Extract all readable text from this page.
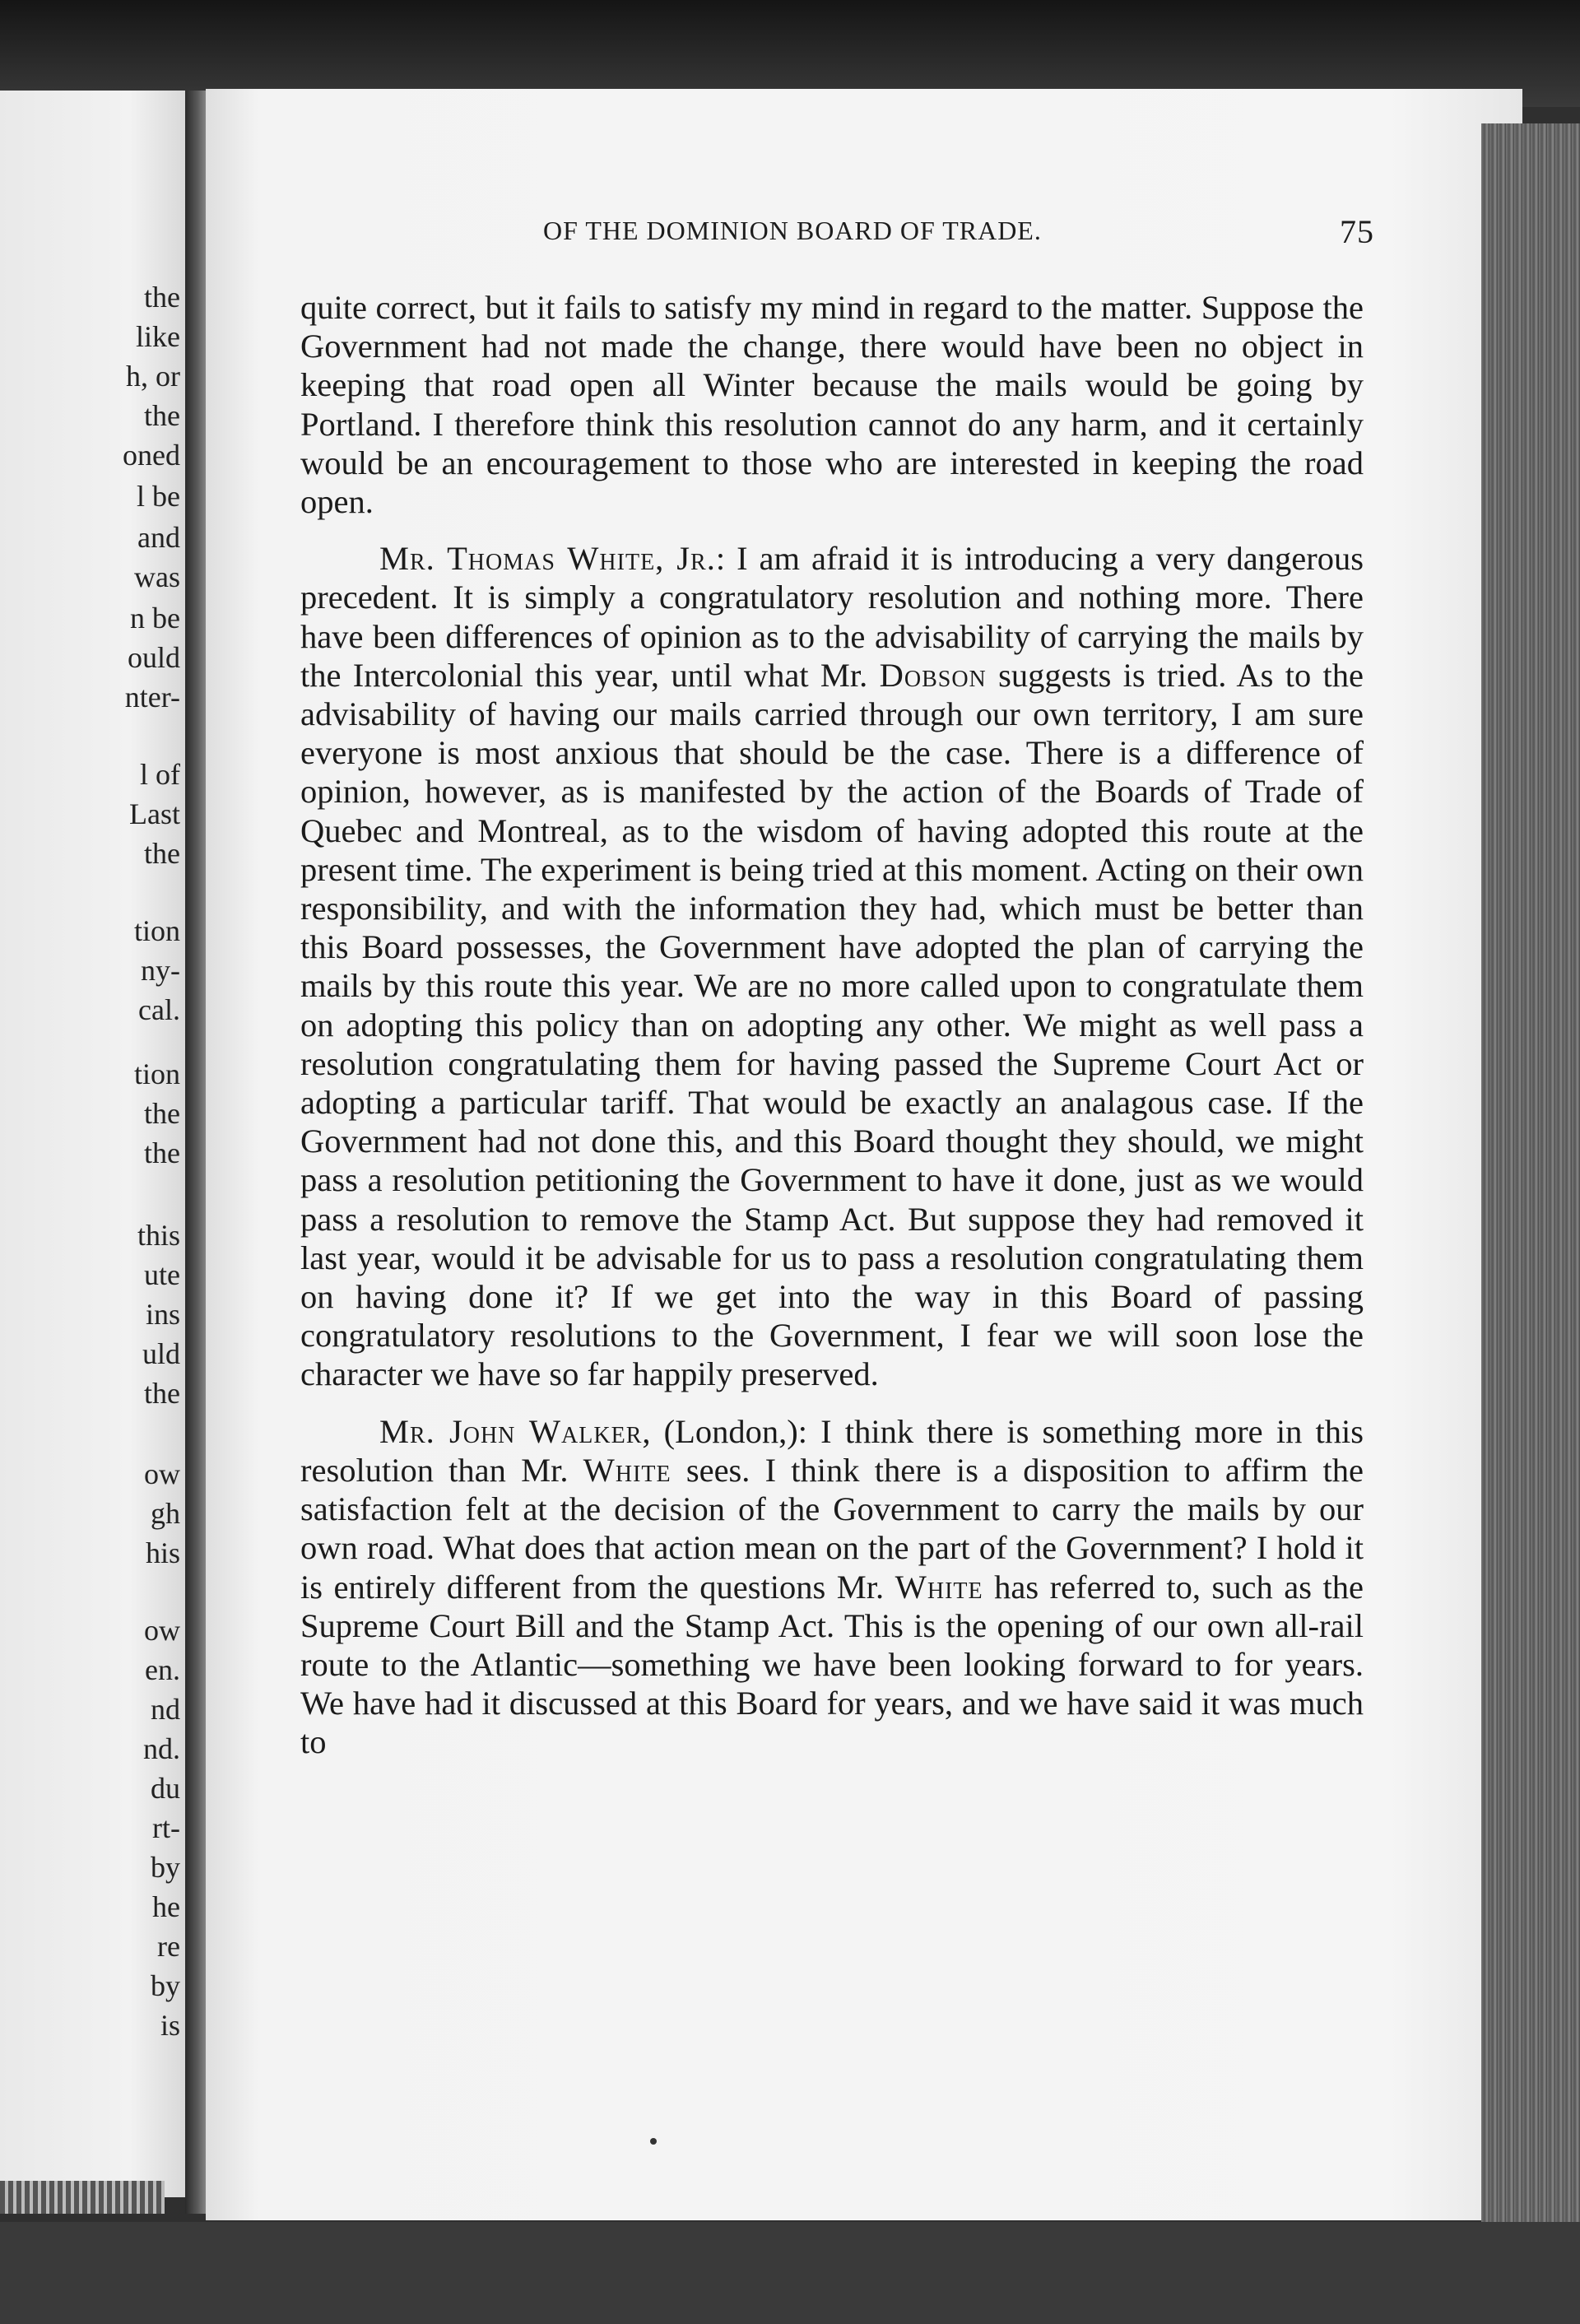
the
like
h, or
the
oned
l be
and
was
n be
ould
nter-
l of
Last
the
tion
ny-
cal.
tion
the
the
this
ute
ins
uld
the
ow
gh
his
ow
en.
nd
nd.
du
rt-
by
he
re
by
is
OF THE DOMINION BOARD OF TRADE.	75

quite correct, but it fails to satisfy my mind in regard to the matter. Suppose the Government had not made the change, there would have been no object in keeping that road open all Winter because the mails would be going by Portland. I therefore think this resolution cannot do any harm, and it certainly would be an encouragement to those who are interested in keeping the road open.

Mr. Thomas White, Jr.: I am afraid it is introducing a very dangerous precedent. It is simply a congratulatory resolution and nothing more. There have been differences of opinion as to the advisability of carrying the mails by the Intercolonial this year, until what Mr. Dobson suggests is tried. As to the advisability of having our mails carried through our own territory, I am sure everyone is most anxious that should be the case. There is a difference of opinion, however, as is manifested by the action of the Boards of Trade of Quebec and Montreal, as to the wisdom of having adopted this route at the present time. The experiment is being tried at this moment. Acting on their own responsibility, and with the information they had, which must be better than this Board possesses, the Government have adopted the plan of carrying the mails by this route this year. We are no more called upon to congratulate them on adopting this policy than on adopting any other. We might as well pass a resolution congratulating them for having passed the Supreme Court Act or adopting a particular tariff. That would be exactly an analagous case. If the Government had not done this, and this Board thought they should, we might pass a resolution petitioning the Government to have it done, just as we would pass a resolution to remove the Stamp Act. But suppose they had removed it last year, would it be advisable for us to pass a resolution congratulating them on having done it? If we get into the way in this Board of passing congratulatory resolutions to the Government, I fear we will soon lose the character we have so far happily preserved.

Mr. John Walker, (London,): I think there is something more in this resolution than Mr. White sees. I think there is a disposition to affirm the satisfaction felt at the decision of the Government to carry the mails by our own road. What does that action mean on the part of the Government? I hold it is entirely different from the questions Mr. White has referred to, such as the Supreme Court Bill and the Stamp Act. This is the opening of our own all-rail route to the Atlantic—something we have been looking forward to for years. We have had it discussed at this Board for years, and we have said it was much to
